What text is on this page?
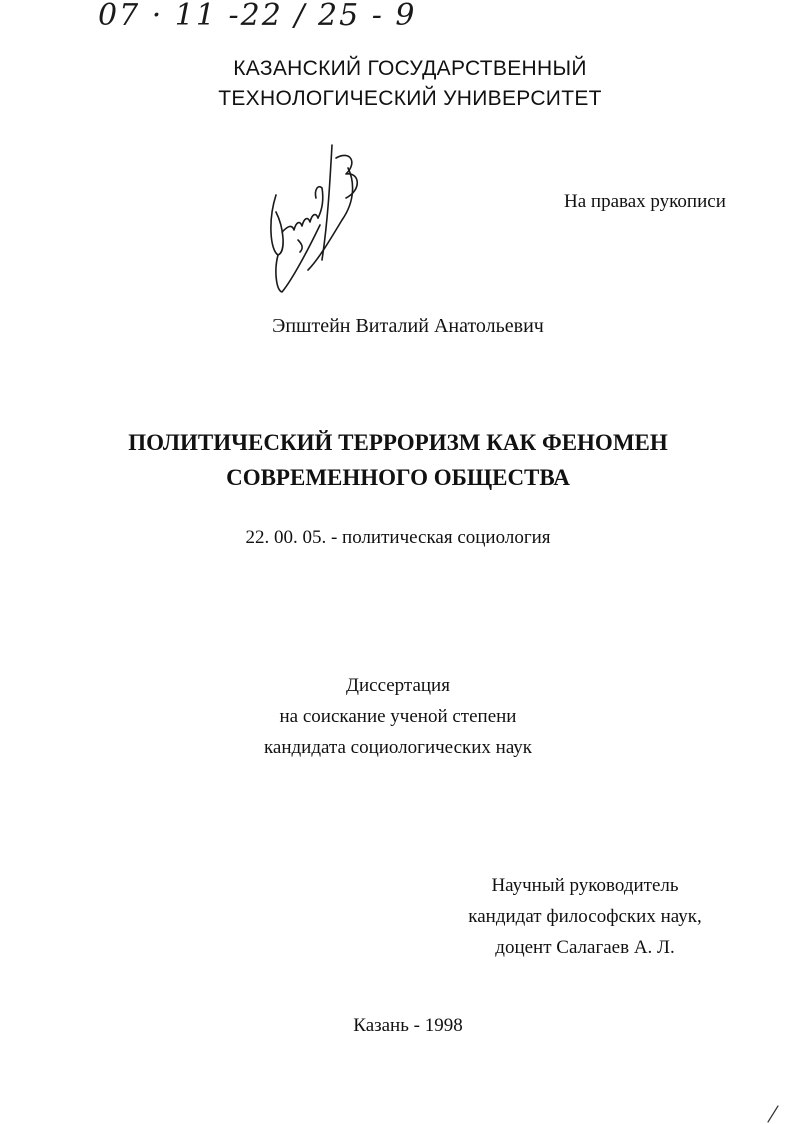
07 · 11 -22 / 25 - 9
КАЗАНСКИЙ ГОСУДАРСТВЕННЫЙ
ТЕХНОЛОГИЧЕСКИЙ УНИВЕРСИТЕТ
На правах рукописи
Эпштейн Виталий Анатольевич
ПОЛИТИЧЕСКИЙ ТЕРРОРИЗМ КАК ФЕНОМЕН
СОВРЕМЕННОГО ОБЩЕСТВА
22. 00. 05. - политическая социология
Диссертация
на соискание ученой степени
кандидата социологических наук
Научный руководитель
кандидат философских наук,
доцент Салагаев А. Л.
Казань - 1998
